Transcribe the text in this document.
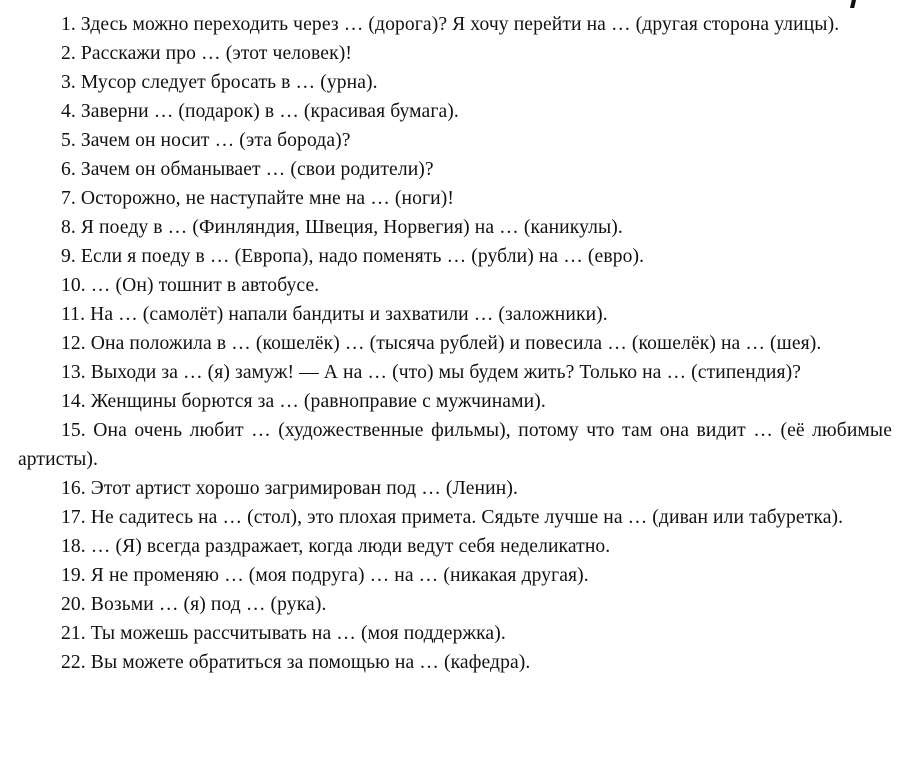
1. Здесь можно переходить через … (дорога)? Я хочу перейти на … (другая сторона улицы).
2. Расскажи про … (этот человек)!
3. Мусор следует бросать в … (урна).
4. Заверни … (подарок) в … (красивая бумага).
5. Зачем он носит … (эта борода)?
6. Зачем он обманывает … (свои родители)?
7. Осторожно, не наступайте мне на … (ноги)!
8. Я поеду в … (Финляндия, Швеция, Норвегия) на … (каникулы).
9. Если я поеду в … (Европа), надо поменять … (рубли) на … (евро).
10. … (Он) тошнит в автобусе.
11. На … (самолёт) напали бандиты и захватили … (заложники).
12. Она положила в … (кошелёк) … (тысяча рублей) и повесила … (кошелёк) на … (шея).
13. Выходи за … (я) замуж! — А на … (что) мы будем жить? Только на … (стипендия)?
14. Женщины борются за … (равноправие с мужчинами).
15. Она очень любит … (художественные фильмы), потому что там она видит … (её любимые артисты).
16. Этот артист хорошо загримирован под … (Ленин).
17. Не садитесь на … (стол), это плохая примета. Сядьте лучше на … (диван или табуретка).
18. … (Я) всегда раздражает, когда люди ведут себя неделикатно.
19. Я не променяю … (моя подруга) … на … (никакая другая).
20. Возьми … (я) под … (рука).
21. Ты можешь рассчитывать на … (моя поддержка).
22. Вы можете обратиться за помощью на … (кафедра).
